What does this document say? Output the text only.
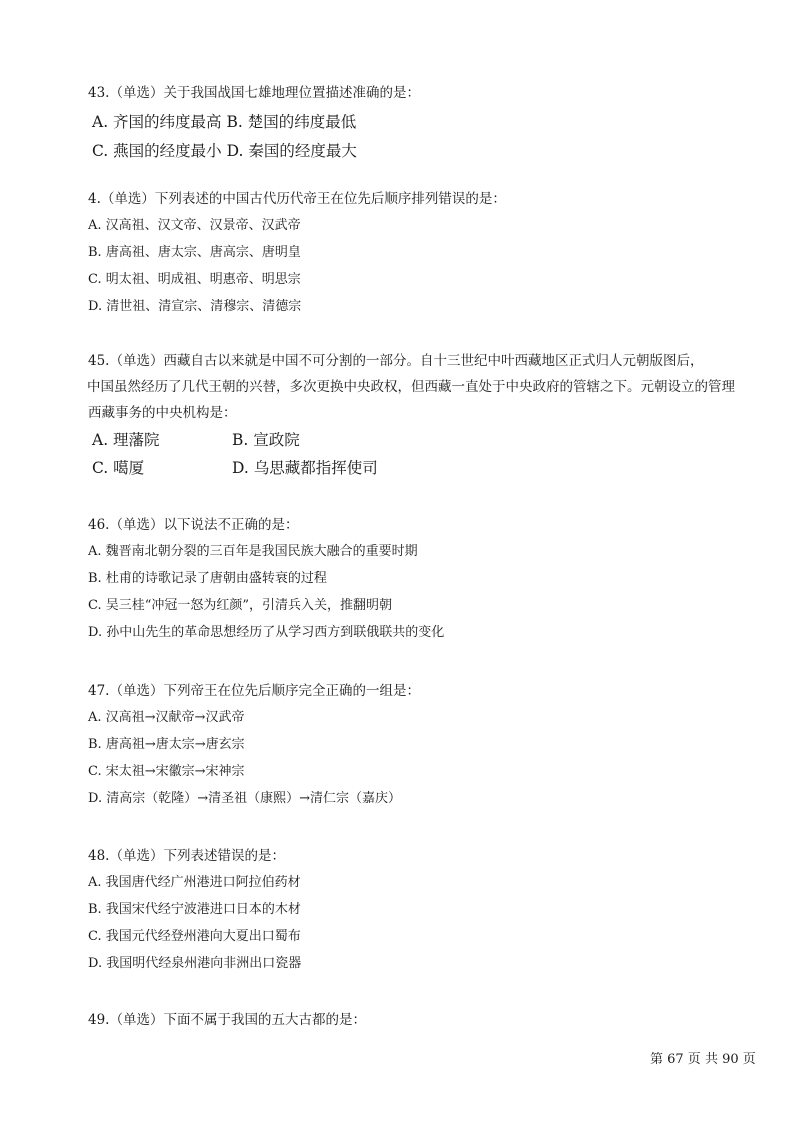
43.（单选）关于我国战国七雄地理位置描述准确的是：
A. 齐国的纬度最高 B. 楚国的纬度最低
C. 燕国的经度最小 D. 秦国的经度最大
4.（单选）下列表述的中国古代历代帝王在位先后顺序排列错误的是：
A. 汉高祖、汉文帝、汉景帝、汉武帝
B. 唐高祖、唐太宗、唐高宗、唐明皇
C. 明太祖、明成祖、明惠帝、明思宗
D. 清世祖、清宣宗、清穆宗、清德宗
45.（单选）西藏自古以来就是中国不可分割的一部分。自十三世纪中叶西藏地区正式归人元朝版图后，
中国虽然经历了几代王朝的兴替，多次更换中央政权，但西藏一直处于中央政府的管辖之下。元朝设立的管理
西藏事务的中央机构是：
A. 理藩院	B. 宣政院
C. 噶厦	D. 乌思藏都指挥使司
46.（单选）以下说法不正确的是：
A. 魏晋南北朝分裂的三百年是我国民族大融合的重要时期
B. 杜甫的诗歌记录了唐朝由盛转衰的过程
C. 吴三桂“冲冠一怒为红颜”，引清兵入关，推翻明朝
D. 孙中山先生的革命思想经历了从学习西方到联俄联共的变化
47.（单选）下列帝王在位先后顺序完全正确的一组是：
A. 汉高祖→汉献帝→汉武帝
B. 唐高祖→唐太宗→唐玄宗
C. 宋太祖→宋徽宗→宋神宗
D. 清高宗（乾隆）→清圣祖（康熙）→清仁宗（嘉庆）
48.（单选）下列表述错误的是：
A. 我国唐代经广州港进口阿拉伯药材
B. 我国宋代经宁波港进口日本的木材
C. 我国元代经登州港向大夏出口蜀布
D. 我国明代经泉州港向非洲出口瓷器
49.（单选）下面不属于我国的五大古都的是：
第 67 页 共 90 页
